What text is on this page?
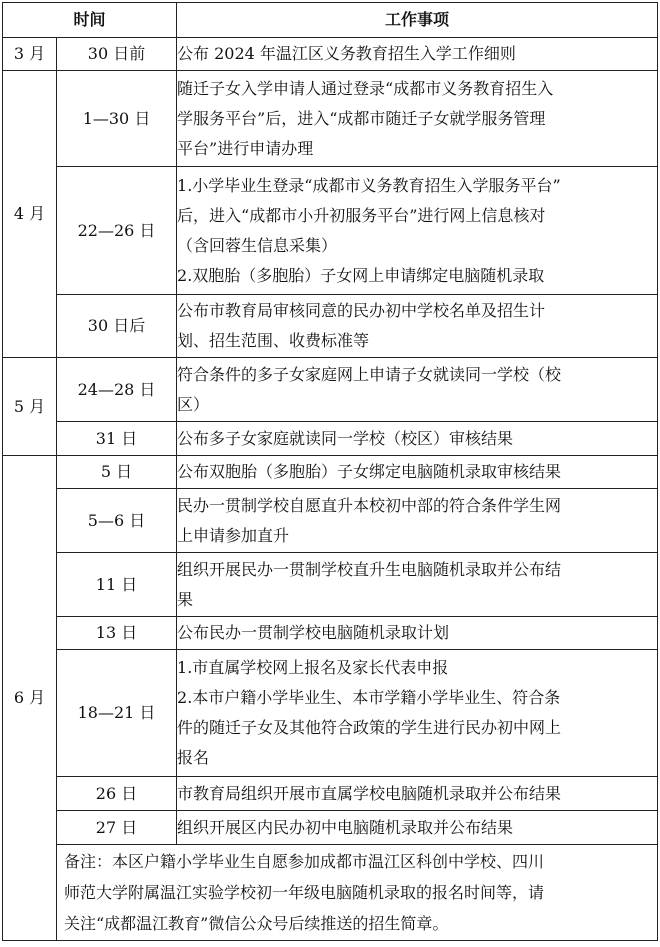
时间		工作事项
3 月	30 日前	公布 2024 年温江区义务教育招生入学工作细则

4 月	1—30 日	随迁子女入学申请人通过登录“成都市义务教育招生入
学服务平台”后，进入“成都市随迁子女就学服务管理
平台”进行申请办理

	22—26 日	1.小学毕业生登录“成都市义务教育招生入学服务平台”
后，进入“成都市小升初服务平台”进行网上信息核对
（含回蓉生信息采集）
2.双胞胎（多胞胎）子女网上申请绑定电脑随机录取

	30 日后	公布市教育局审核同意的民办初中学校名单及招生计
划、招生范围、收费标准等

5 月	24—28 日	符合条件的多子女家庭网上申请子女就读同一学校（校
区）

	31 日	公布多子女家庭就读同一学校（校区）审核结果

6 月	5 日	公布双胞胎（多胞胎）子女绑定电脑随机录取审核结果

	5—6 日	民办一贯制学校自愿直升本校初中部的符合条件学生网
上申请参加直升

	11 日	组织开展民办一贯制学校直升生电脑随机录取并公布结
果

	13 日	公布民办一贯制学校电脑随机录取计划

	18—21 日	1.市直属学校网上报名及家长代表申报
2.本市户籍小学毕业生、本市学籍小学毕业生、符合条
件的随迁子女及其他符合政策的学生进行民办初中网上
报名

	26 日	市教育局组织开展市直属学校电脑随机录取并公布结果

	27 日	组织开展区内民办初中电脑随机录取并公布结果

备注：本区户籍小学毕业生自愿参加成都市温江区科创中学校、四川
师范大学附属温江实验学校初一年级电脑随机录取的报名时间等，请
关注“成都温江教育”微信公众号后续推送的招生简章。
